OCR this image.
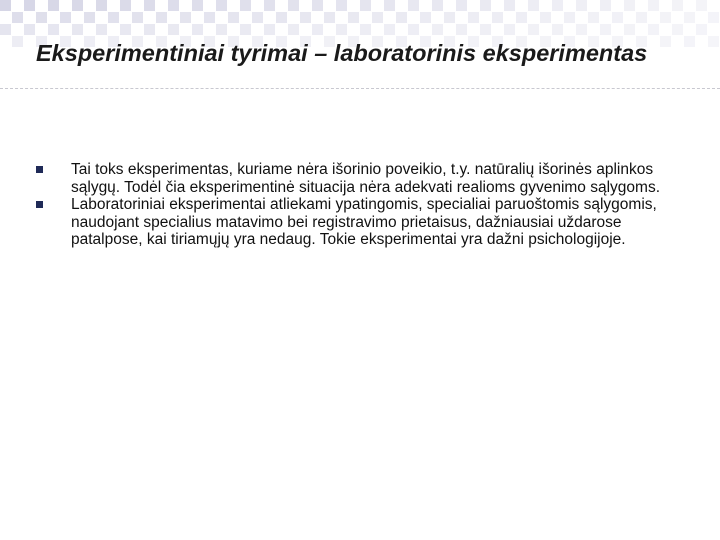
Eksperimentiniai tyrimai – laboratorinis eksperimentas
Tai toks eksperimentas, kuriame nėra išorinio poveikio, t.y. natūralių išorinės aplinkos sąlygų. Todėl čia eksperimentinė situacija nėra adekvati realioms gyvenimo sąlygoms.
Laboratoriniai eksperimentai atliekami ypatingomis, specialiai paruoštomis sąlygomis, naudojant specialius matavimo bei registravimo prietaisus, dažniausiai uždarose patalpose, kai tiriamųjų yra nedaug. Tokie eksperimentai yra dažni psichologijoje.
